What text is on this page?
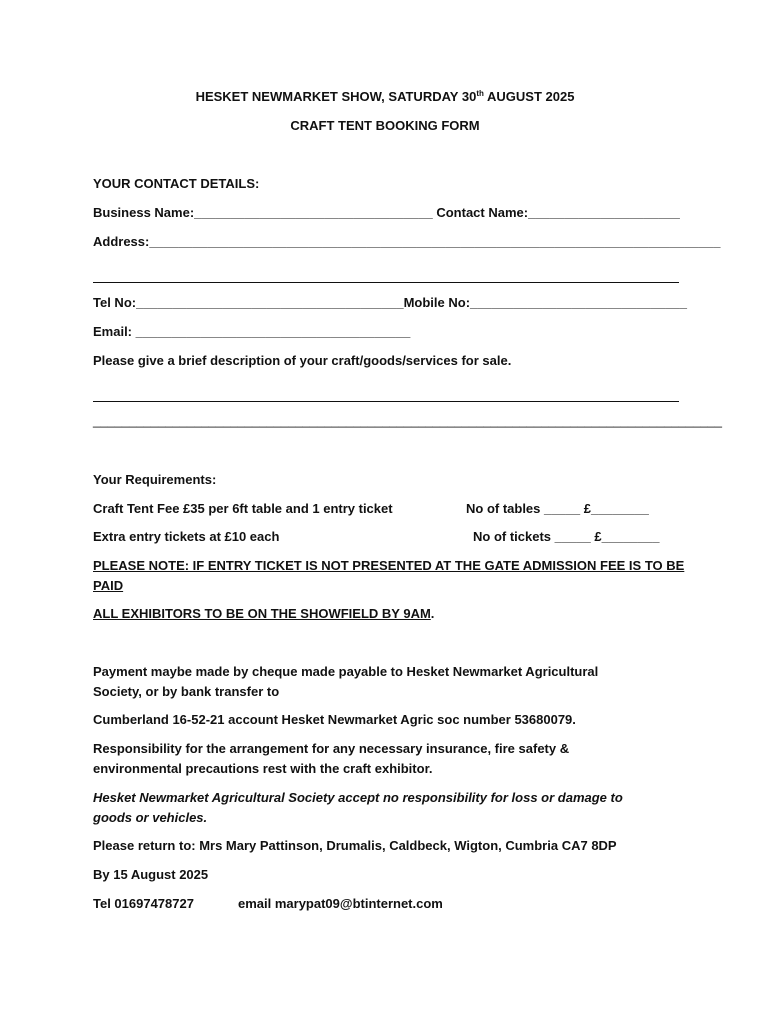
HESKET NEWMARKET SHOW, SATURDAY 30th AUGUST 2025
CRAFT TENT BOOKING FORM
YOUR CONTACT DETAILS:
Business Name:_________________________________ Contact Name:_____________________
Address:_______________________________________________________________________________
Tel No:_____________________________________Mobile No:______________________________
Email: ______________________________________
Please give a brief description of your craft/goods/services for sale.
_______________________________________________________________________________________
Your Requirements:
Craft Tent Fee £35 per 6ft table and 1 entry ticket	No of tables _____ £________
Extra entry tickets at £10 each	No of tickets _____ £________
PLEASE NOTE: IF ENTRY TICKET IS NOT PRESENTED AT THE GATE ADMISSION FEE IS TO BE
PAID
ALL EXHIBITORS TO BE ON THE SHOWFIELD BY 9AM.
Payment maybe made by cheque made payable to Hesket Newmarket Agricultural
Society, or by bank transfer to
Cumberland 16-52-21 account Hesket Newmarket Agric soc number 53680079.
Responsibility for the arrangement for any necessary insurance, fire safety &
environmental precautions rest with the craft exhibitor.
Hesket Newmarket Agricultural Society accept no responsibility for loss or damage to
goods or vehicles.
Please return to: Mrs Mary Pattinson, Drumalis, Caldbeck, Wigton, Cumbria CA7 8DP
By 15 August 2025
Tel 01697478727	email marypat09@btinternet.com
